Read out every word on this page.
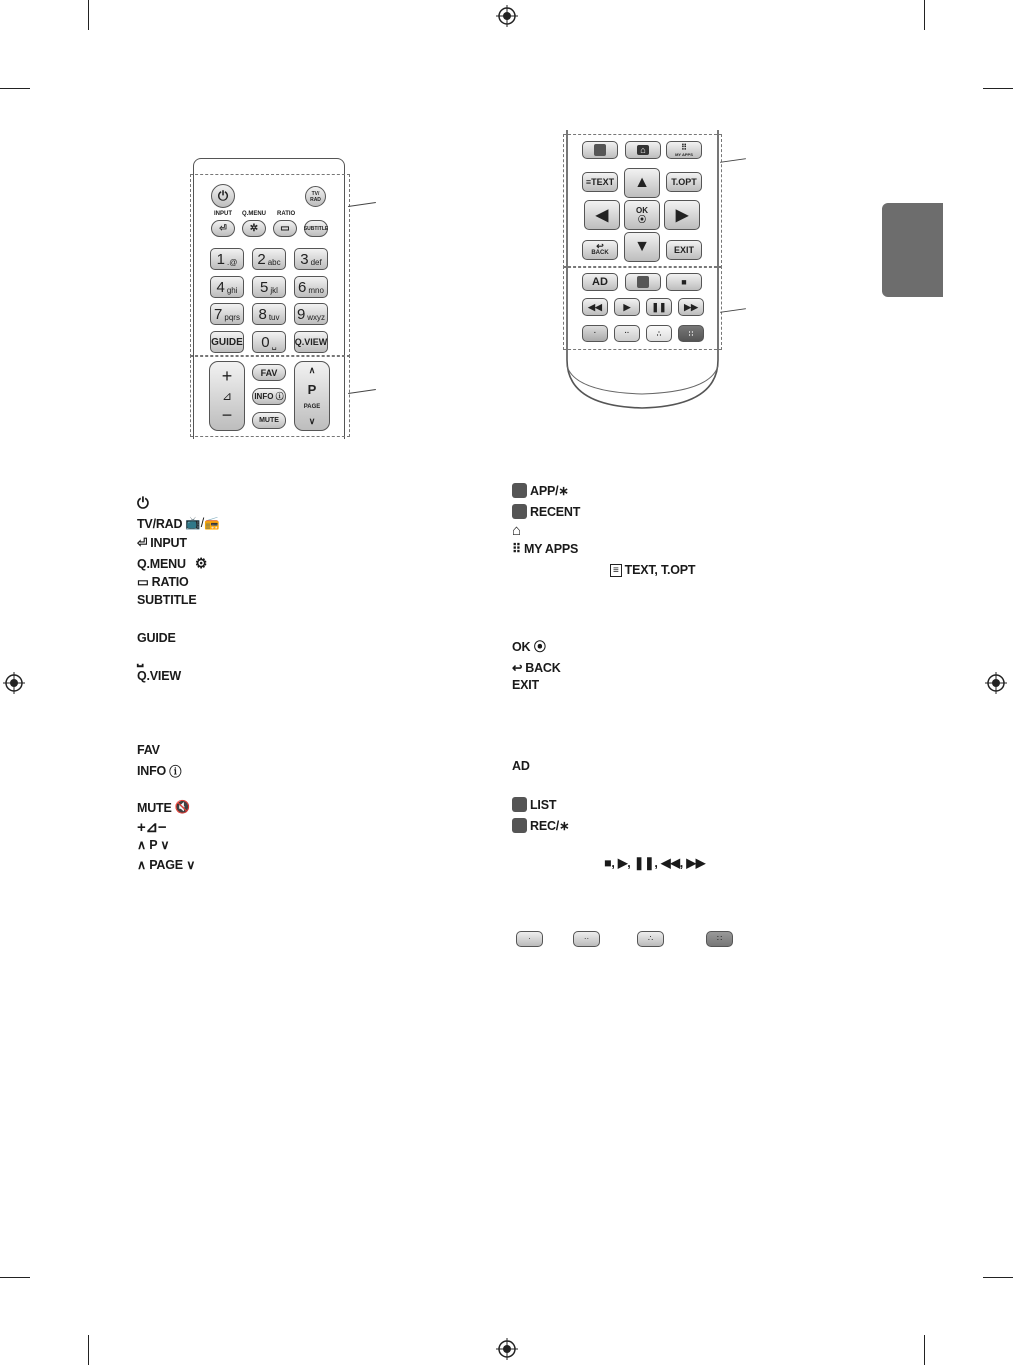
⏻	TV/
RAD
INPUT Q.MENU RATIO
⏎	✲	▭	SUBTITLE
1 .@ 2 abc 3 def
4 ghi 5 jkl 6 mno
7 pqrs 8 tuv 9 wxyz
GUIDE 0 ␣ Q.VIEW
+
⊿
−
FAV
INFO ⓘ
MUTE
∧
P
PAGE
∨
⌂	⠿
MY APPS
≡ TEXT	T.OPT
▲
◀	OK
⦿	▶
▼
↩
BACK	EXIT
AD	■
◀◀	▶	❚❚	▶▶
·	··	∴	∷
⏻
TV/RAD 📺/📻
⏎ INPUT
Q.MENU ⚙
▭ RATIO
SUBTITLE
GUIDE
⎵
Q.VIEW
FAV
INFO ⓘ
MUTE 🔇
+⊿−
∧ P ∨
∧ PAGE ∨
APP/∗
RECENT
⌂
⠿ MY APPS
≡ TEXT, T.OPT
OK ⦿
↩ BACK
EXIT
AD
LIST
REC/∗
■, ▶, ❚❚, ◀◀, ▶▶
·	··	∴	∷
